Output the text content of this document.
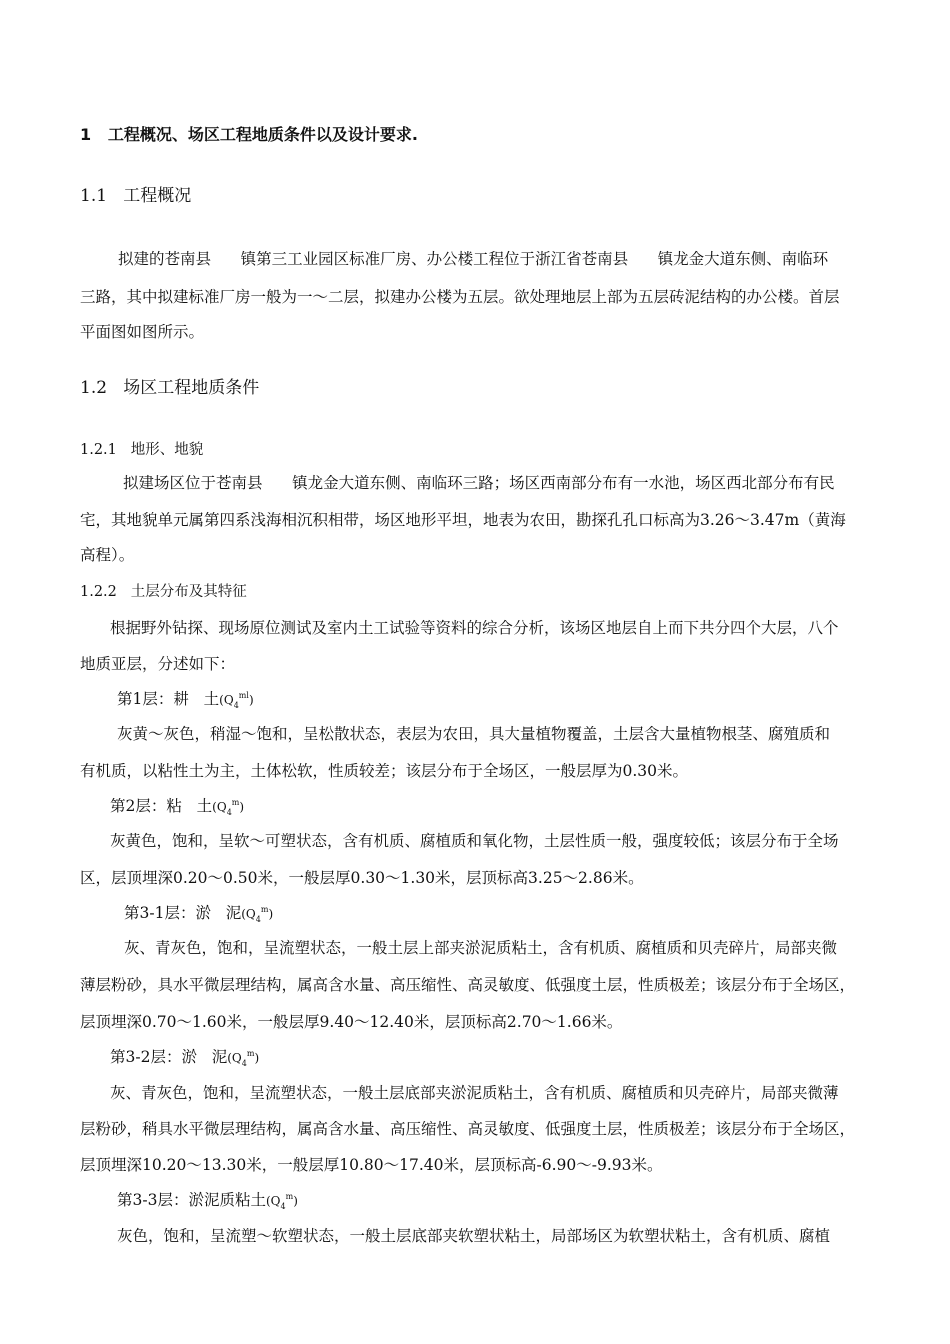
1   工程概况、场区工程地质条件以及设计要求.
1.1   工程概况
拟建的苍南县      镇第三工业园区标准厂房、办公楼工程位于浙江省苍南县      镇龙金大道东侧、南临环
三路，其中拟建标准厂房一般为一～二层，拟建办公楼为五层。欲处理地层上部为五层砖泥结构的办公楼。首层
平面图如图所示。
1.2   场区工程地质条件
1.2.1   地形、地貌
拟建场区位于苍南县      镇龙金大道东侧、南临环三路；场区西南部分布有一水池，场区西北部分布有民
宅，其地貌单元属第四系浅海相沉积相带，场区地形平坦，地表为农田，勘探孔孔口标高为3.26～3.47m（黄海
高程）。
1.2.2   土层分布及其特征
根据野外钻探、现场原位测试及室内土工试验等资料的综合分析，该场区地层自上而下共分四个大层，八个
地质亚层，分述如下：
第1层：耕   土$(Q_4^{ml})$
灰黄～灰色，稍湿～饱和，呈松散状态，表层为农田，具大量植物覆盖，土层含大量植物根茎、腐殖质和
有机质，以粘性土为主，土体松软，性质较差；该层分布于全场区，一般层厚为0.30米。
第2层：粘   土$(Q_4^m)$
灰黄色，饱和，呈软～可塑状态，含有机质、腐植质和氧化物，土层性质一般，强度较低；该层分布于全场
区，层顶埋深0.20～0.50米，一般层厚0.30～1.30米，层顶标高3.25～2.86米。
第3-1层：淤   泥$(Q_4^m)$
灰、青灰色，饱和，呈流塑状态，一般土层上部夹淤泥质粘土，含有机质、腐植质和贝壳碎片，局部夹微
薄层粉砂，具水平微层理结构，属高含水量、高压缩性、高灵敏度、低强度土层，性质极差；该层分布于全场区，
层顶埋深0.70～1.60米，一般层厚9.40～12.40米，层顶标高2.70～1.66米。
第3-2层：淤   泥$(Q_4^m)$
灰、青灰色，饱和，呈流塑状态，一般土层底部夹淤泥质粘土，含有机质、腐植质和贝壳碎片，局部夹微薄
层粉砂，稍具水平微层理结构，属高含水量、高压缩性、高灵敏度、低强度土层，性质极差；该层分布于全场区，
层顶埋深10.20～13.30米，一般层厚10.80～17.40米，层顶标高-6.90～-9.93米。
第3-3层：淤泥质粘土$(Q_4^m)$
灰色，饱和，呈流塑～软塑状态，一般土层底部夹软塑状粘土，局部场区为软塑状粘土，含有机质、腐植
